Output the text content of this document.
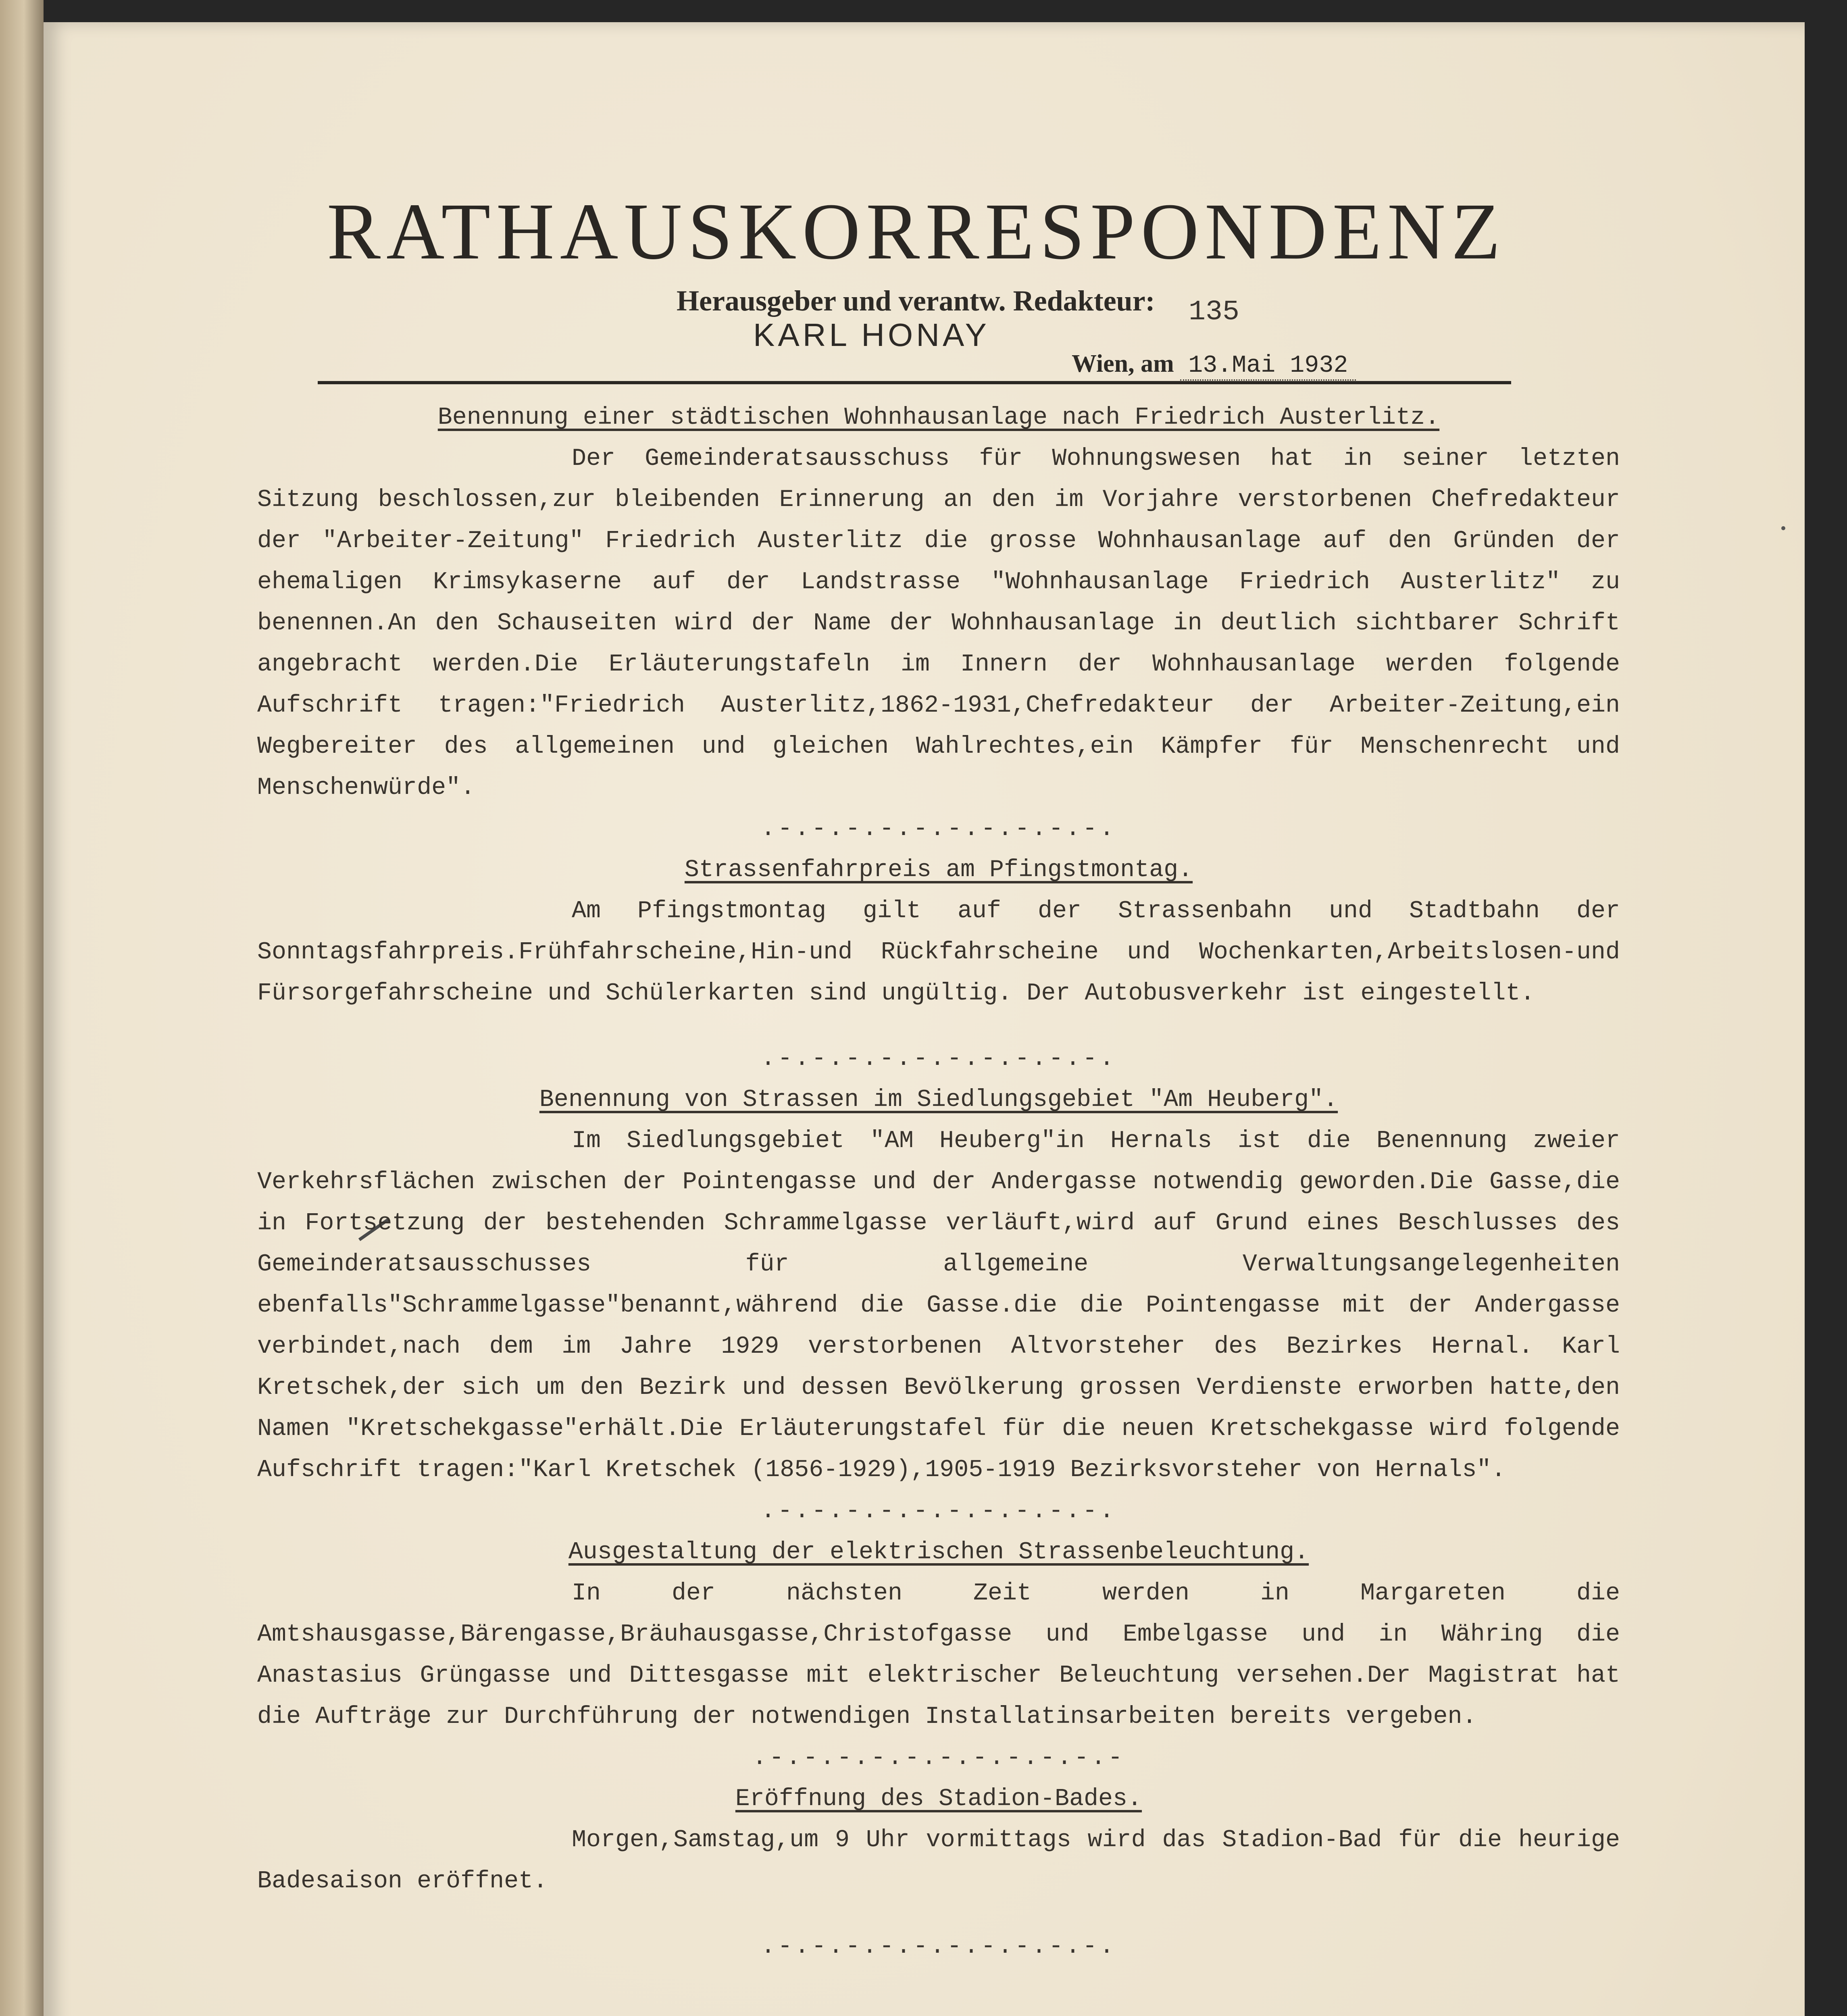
RATHAUSKORRESPONDENZ
Herausgeber und verantw. Redakteur:
KARL HONAY
135
Wien, am 13.Mai 1932

Benennung einer städtischen Wohnhausanlage nach Friedrich Austerlitz.

Der Gemeinderatsausschuss für Wohnungswesen hat in seiner letzten Sitzung beschlossen,zur bleibenden Erinnerung an den im Vorjahre verstorbenen Chefredakteur der "Arbeiter-Zeitung" Friedrich Austerlitz die grosse Wohnhausanlage auf den Gründen der ehemaligen Krimsykaserne auf der Landstrasse "Wohnhausanlage Friedrich Austerlitz" zu benennen.An den Schauseiten wird der Name der Wohnhausanlage in deutlich sichtbarer Schrift angebracht werden.Die Erläuterungstafeln im Innern der Wohnhausanlage werden folgende Aufschrift tragen:"Friedrich Austerlitz,1862-1931,Chefredakteur der Arbeiter-Zeitung,ein Wegbereiter des allgemeinen und gleichen Wahlrechtes,ein Kämpfer für Menschenrecht und Menschenwürde".

.-.-.-.-.-.-.-.-.-.-.

Strassenfahrpreis am Pfingstmontag.

Am Pfingstmontag gilt auf der Strassenbahn und Stadtbahn der Sonntagsfahrpreis.Frühfahrscheine,Hin-und Rückfahrscheine und Wochenkarten,Arbeitslosen-und Fürsorgefahrscheine und Schülerkarten sind ungültig. Der Autobusverkehr ist eingestellt.

.-.-.-.-.-.-.-.-.-.-.

Benennung von Strassen im Siedlungsgebiet "Am Heuberg".

Im Siedlungsgebiet "AM Heuberg"in Hernals ist die Benennung zweier Verkehrsflächen zwischen der Pointengasse und der Andergasse notwendig geworden.Die Gasse,die in Fortsetzung der bestehenden Schrammelgasse verläuft,wird auf Grund eines Beschlusses des Gemeinderatsausschusses für allgemeine Verwaltungsangelegenheiten ebenfalls"Schrammelgasse"benannt,während die Gasse.die die Pointengasse mit der Andergasse verbindet,nach dem im Jahre 1929 verstorbenen Altvorsteher des Bezirkes Hernal. Karl Kretschek,der sich um den Bezirk und dessen Bevölkerung grossen Verdienste erworben hatte,den Namen "Kretschekgasse"erhält.Die Erläuterungstafel für die neuen Kretschekgasse wird folgende Aufschrift tragen:"Karl Kretschek (1856-1929),1905-1919 Bezirksvorsteher von Hernals".

.-.-.-.-.-.-.-.-.-.-.

Ausgestaltung der elektrischen Strassenbeleuchtung.

In der nächsten Zeit werden in Margareten die Amtshausgasse,Bärengasse,Bräuhausgasse,Christofgasse und Embelgasse und in Währing die Anastasius Grüngasse und Dittesgasse mit elektrischer Beleuchtung versehen.Der Magistrat hat die Aufträge zur Durchführung der notwendigen Installatinsarbeiten bereits vergeben.

.-.-.-.-.-.-.-.-.-.-.-

Eröffnung des Stadion-Bades.

Morgen,Samstag,um 9 Uhr vormittags wird das Stadion-Bad für die heurige Badesaison eröffnet.

.-.-.-.-.-.-.-.-.-.-.
